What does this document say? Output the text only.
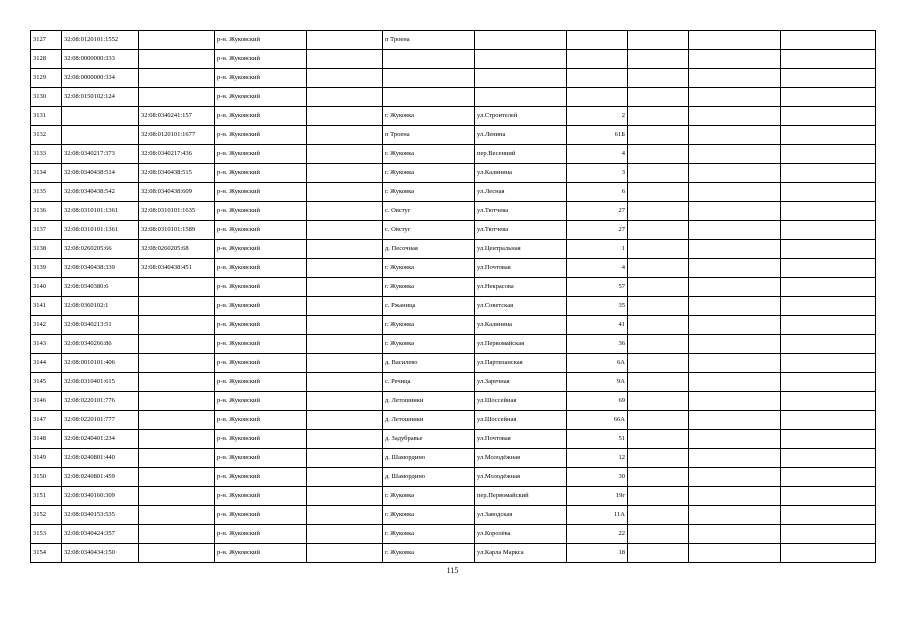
3127	32:08:0120101:1552		р-н. Жуковский		п Троена					
3128	32:08:0000000:333		р-н. Жуковский							
3129	32:08:0000000:334		р-н. Жуковский							
3130	32:08:0150102:124		р-н. Жуковский							
3131		32:08:0340241:157	р-н. Жуковский		г. Жуковка	ул.Строителей	2			
3132		32:08:0120101:1677	р-н. Жуковский		п Троена	ул.Ленина	61Б			
3133	32:08:0340217:373	32:08:0340217:436	р-н. Жуковский		г. Жуковка	пер.Весенний	4			
3134	32:08:0340438:514	32:08:0340438:515	р-н. Жуковский		г. Жуковка	ул.Калинина	3			
3135	32:08:0340438:542	32:08:0340438:609	р-н. Жуковский		г. Жуковка	ул.Лесная	6			
3136	32:08:0310101:1361	32:08:0310101:1635	р-н. Жуковский		с. Овстуг	ул.Тютчева	27			
3137	32:08:0310101:1361	32:08:0310101:1589	р-н. Жуковский		с. Овстуг	ул.Тютчева	27			
3138	32:08:0260205:66	32:08:0260205:68	р-н. Жуковский		д. Песочная	ул.Центральная	1			
3139	32:08:0340438:339	32:08:0340438:451	р-н. Жуковский		г. Жуковка	ул.Почтовая	4			
3140	32:08:0340380:6		р-н. Жуковский		г. Жуковка	ул.Некрасова	57			
3141	32:08:0360102:1		р-н. Жуковский		с. Ржаница	ул.Советская	35			
3142	32:08:0340213:51		р-н. Жуковский		г. Жуковка	ул.Калинина	41			
3143	32:08:0340266:86		р-н. Жуковский		г. Жуковка	ул.Первомайская	36			
3144	32:08:0010101:406		р-н. Жуковский		д. Василево	ул.Партизанская	6А			
3145	32:08:0310401:615		р-н. Жуковский		с. Речица	ул.Заречная	9А			
3146	32:08:0220101:776		р-н. Жуковский		д. Летошники	ул.Шоссейная	69			
3147	32:08:0220101:777		р-н. Жуковский		д. Летошники	ул.Шоссейная	66А			
3148	32:08:0240401:234		р-н. Жуковский		д. Задубравье	ул.Почтовая	51			
3149	32:08:0240801:440		р-н. Жуковский		д. Шамордино	ул.Молодёжная	12			
3150	32:08:0240801:459		р-н. Жуковский		д. Шамордино	ул.Молодёжная	30			
3151	32:08:0340160:309		р-н. Жуковский		г. Жуковка	пер.Первомайский	19г			
3152	32:08:0340153:535		р-н. Жуковский		г. Жуковка	ул.Заводская	11А			
3153	32:08:0340424:357		р-н. Жуковский		г. Жуковка	ул.Королёва	22			
3154	32:08:0340434:150		р-н. Жуковский		г. Жуковка	ул.Карла Маркса	18			
115
